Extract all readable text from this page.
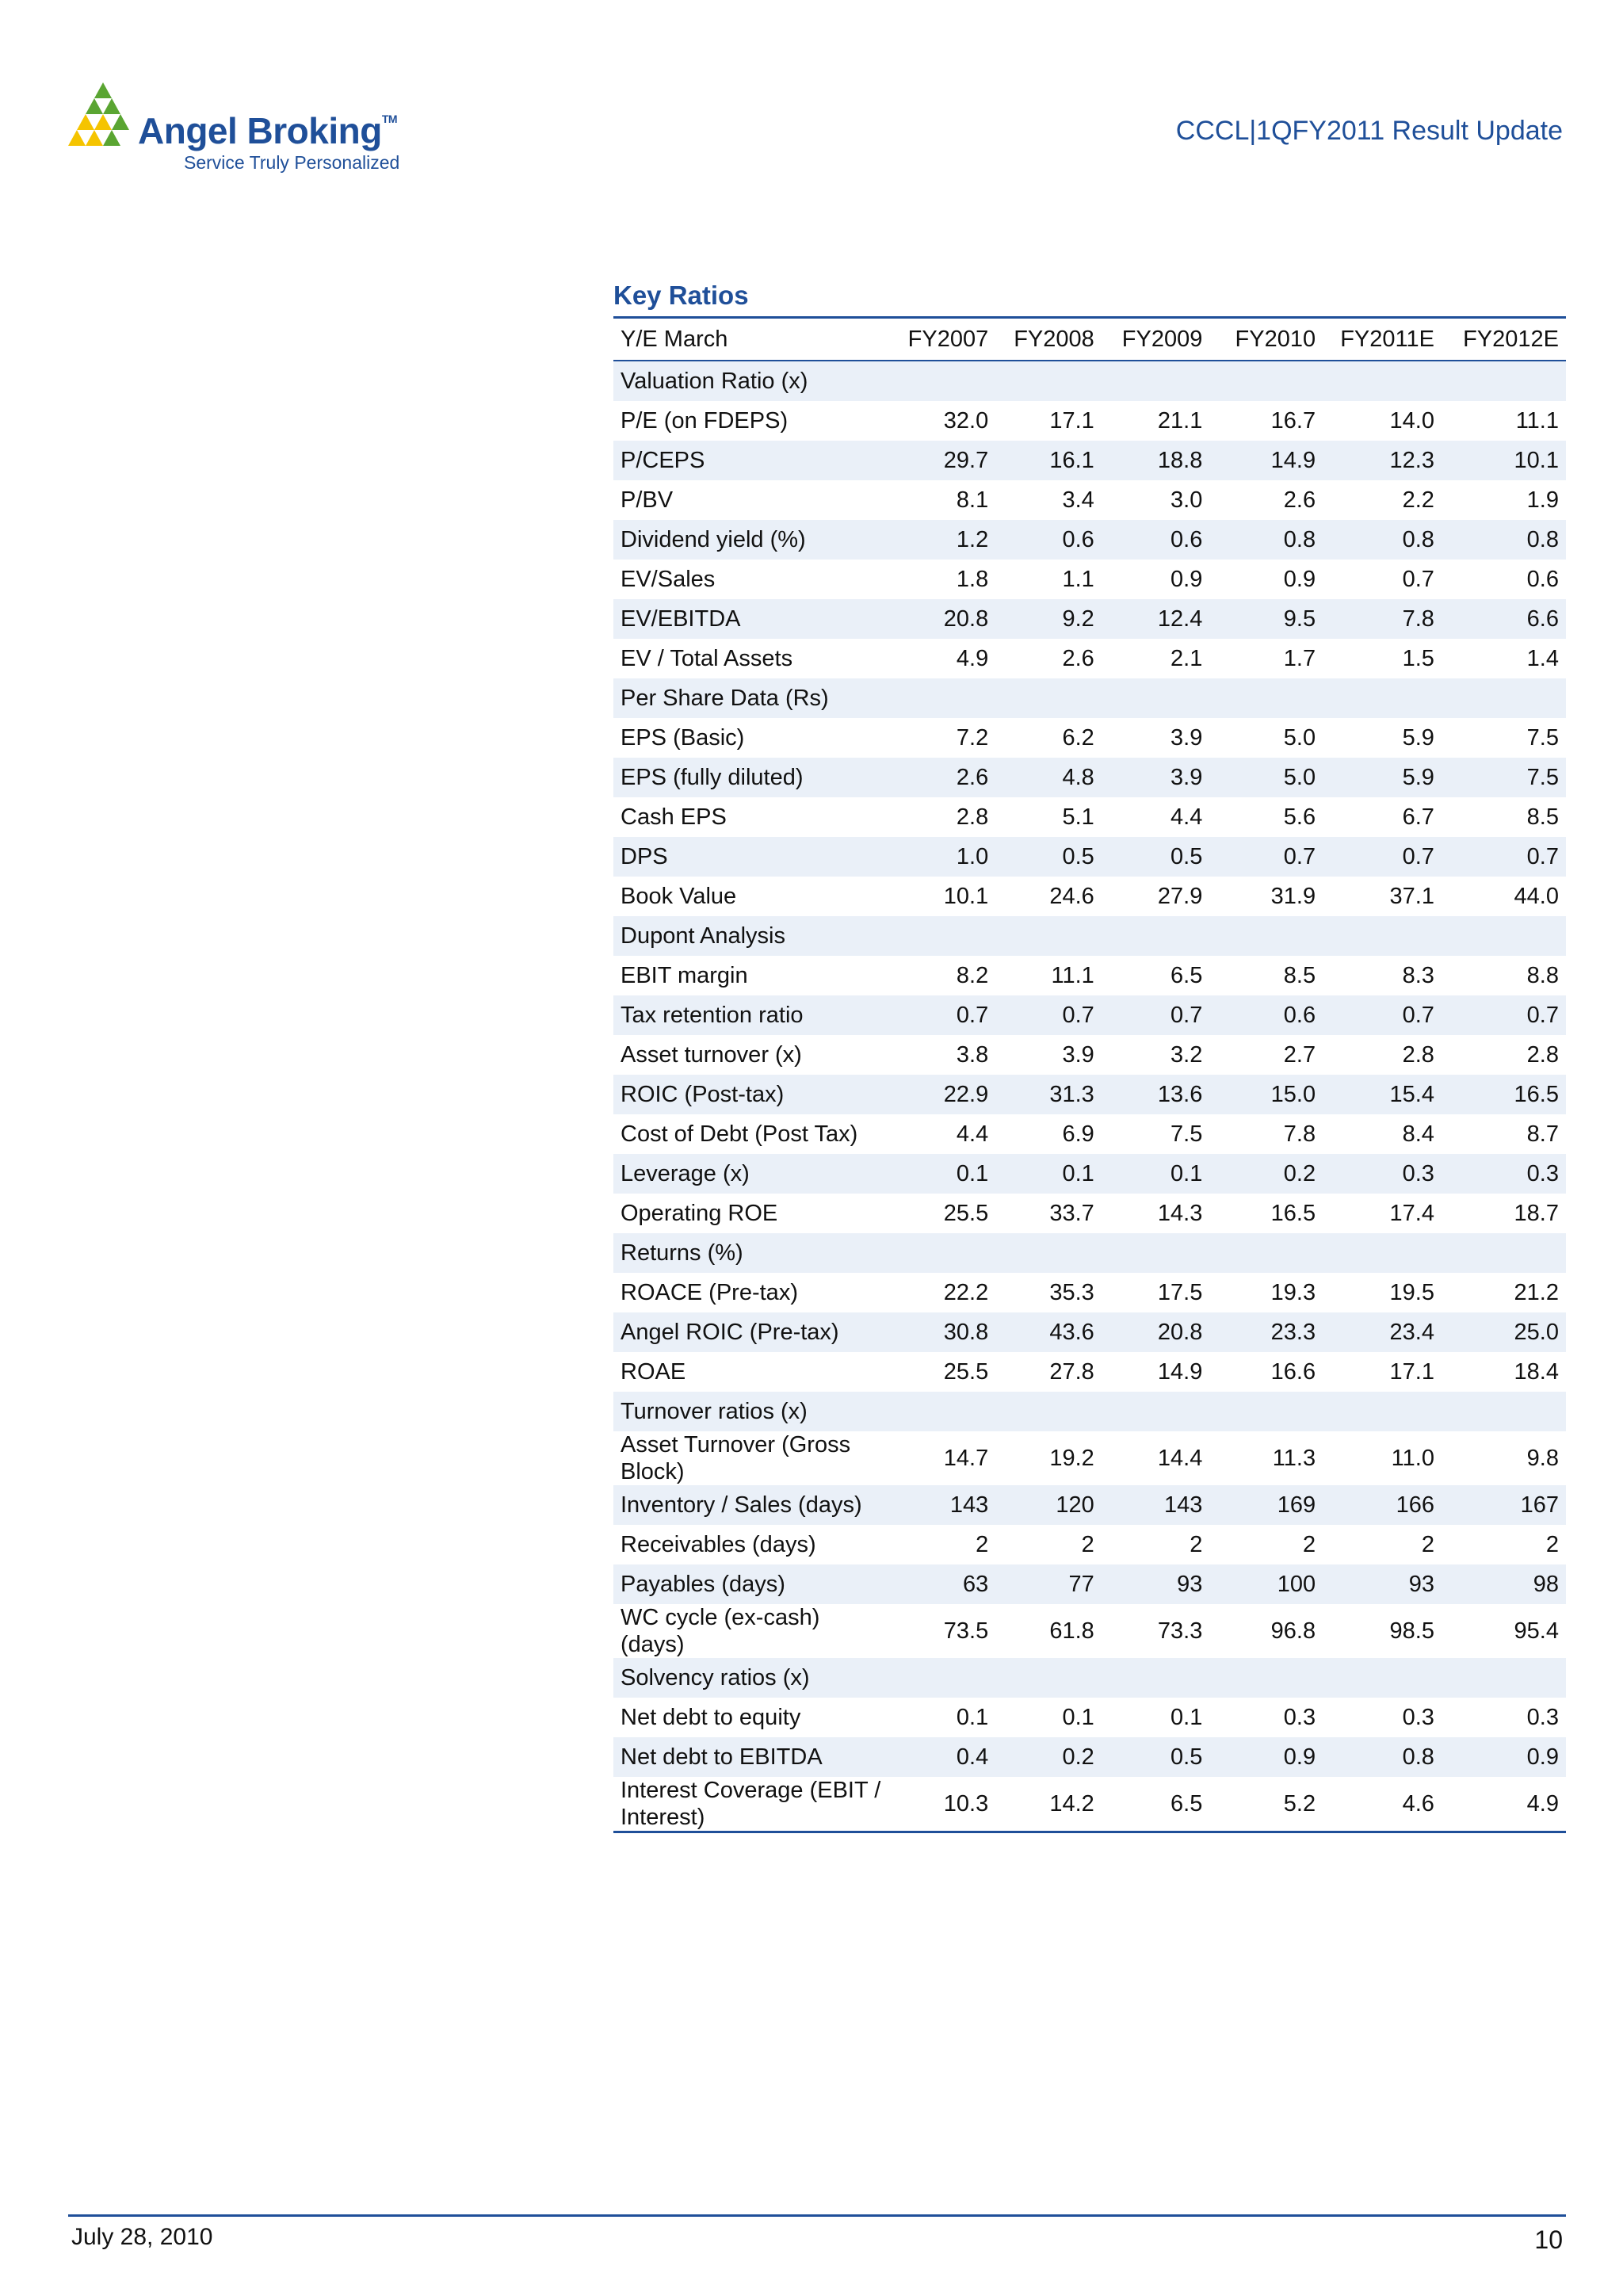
Angel Broking™
Service Truly Personalized
CCCL|1QFY2011 Result Update
Key Ratios
Y/E March	FY2007	FY2008	FY2009	FY2010	FY2011E	FY2012E
Valuation Ratio (x)						
P/E (on FDEPS)	32.0	17.1	21.1	16.7	14.0	11.1
P/CEPS	29.7	16.1	18.8	14.9	12.3	10.1
P/BV	8.1	3.4	3.0	2.6	2.2	1.9
Dividend yield (%)	1.2	0.6	0.6	0.8	0.8	0.8
EV/Sales	1.8	1.1	0.9	0.9	0.7	0.6
EV/EBITDA	20.8	9.2	12.4	9.5	7.8	6.6
EV / Total Assets	4.9	2.6	2.1	1.7	1.5	1.4
Per Share Data (Rs)						
EPS (Basic)	7.2	6.2	3.9	5.0	5.9	7.5
EPS (fully diluted)	2.6	4.8	3.9	5.0	5.9	7.5
Cash EPS	2.8	5.1	4.4	5.6	6.7	8.5
DPS	1.0	0.5	0.5	0.7	0.7	0.7
Book Value	10.1	24.6	27.9	31.9	37.1	44.0
Dupont Analysis						
EBIT margin	8.2	11.1	6.5	8.5	8.3	8.8
Tax retention ratio	0.7	0.7	0.7	0.6	0.7	0.7
Asset turnover (x)	3.8	3.9	3.2	2.7	2.8	2.8
ROIC (Post-tax)	22.9	31.3	13.6	15.0	15.4	16.5
Cost of Debt (Post Tax)	4.4	6.9	7.5	7.8	8.4	8.7
Leverage (x)	0.1	0.1	0.1	0.2	0.3	0.3
Operating ROE	25.5	33.7	14.3	16.5	17.4	18.7
Returns (%)						
ROACE (Pre-tax)	22.2	35.3	17.5	19.3	19.5	21.2
Angel ROIC (Pre-tax)	30.8	43.6	20.8	23.3	23.4	25.0
ROAE	25.5	27.8	14.9	16.6	17.1	18.4
Turnover ratios (x)						
Asset Turnover (Gross Block)	14.7	19.2	14.4	11.3	11.0	9.8
Inventory / Sales (days)	143	120	143	169	166	167
Receivables (days)	2	2	2	2	2	2
Payables (days)	63	77	93	100	93	98
WC cycle (ex-cash) (days)	73.5	61.8	73.3	96.8	98.5	95.4
Solvency ratios (x)						
Net debt to equity	0.1	0.1	0.1	0.3	0.3	0.3
Net debt to EBITDA	0.4	0.2	0.5	0.9	0.8	0.9
Interest Coverage (EBIT / Interest)	10.3	14.2	6.5	5.2	4.6	4.9
July 28, 2010	10
